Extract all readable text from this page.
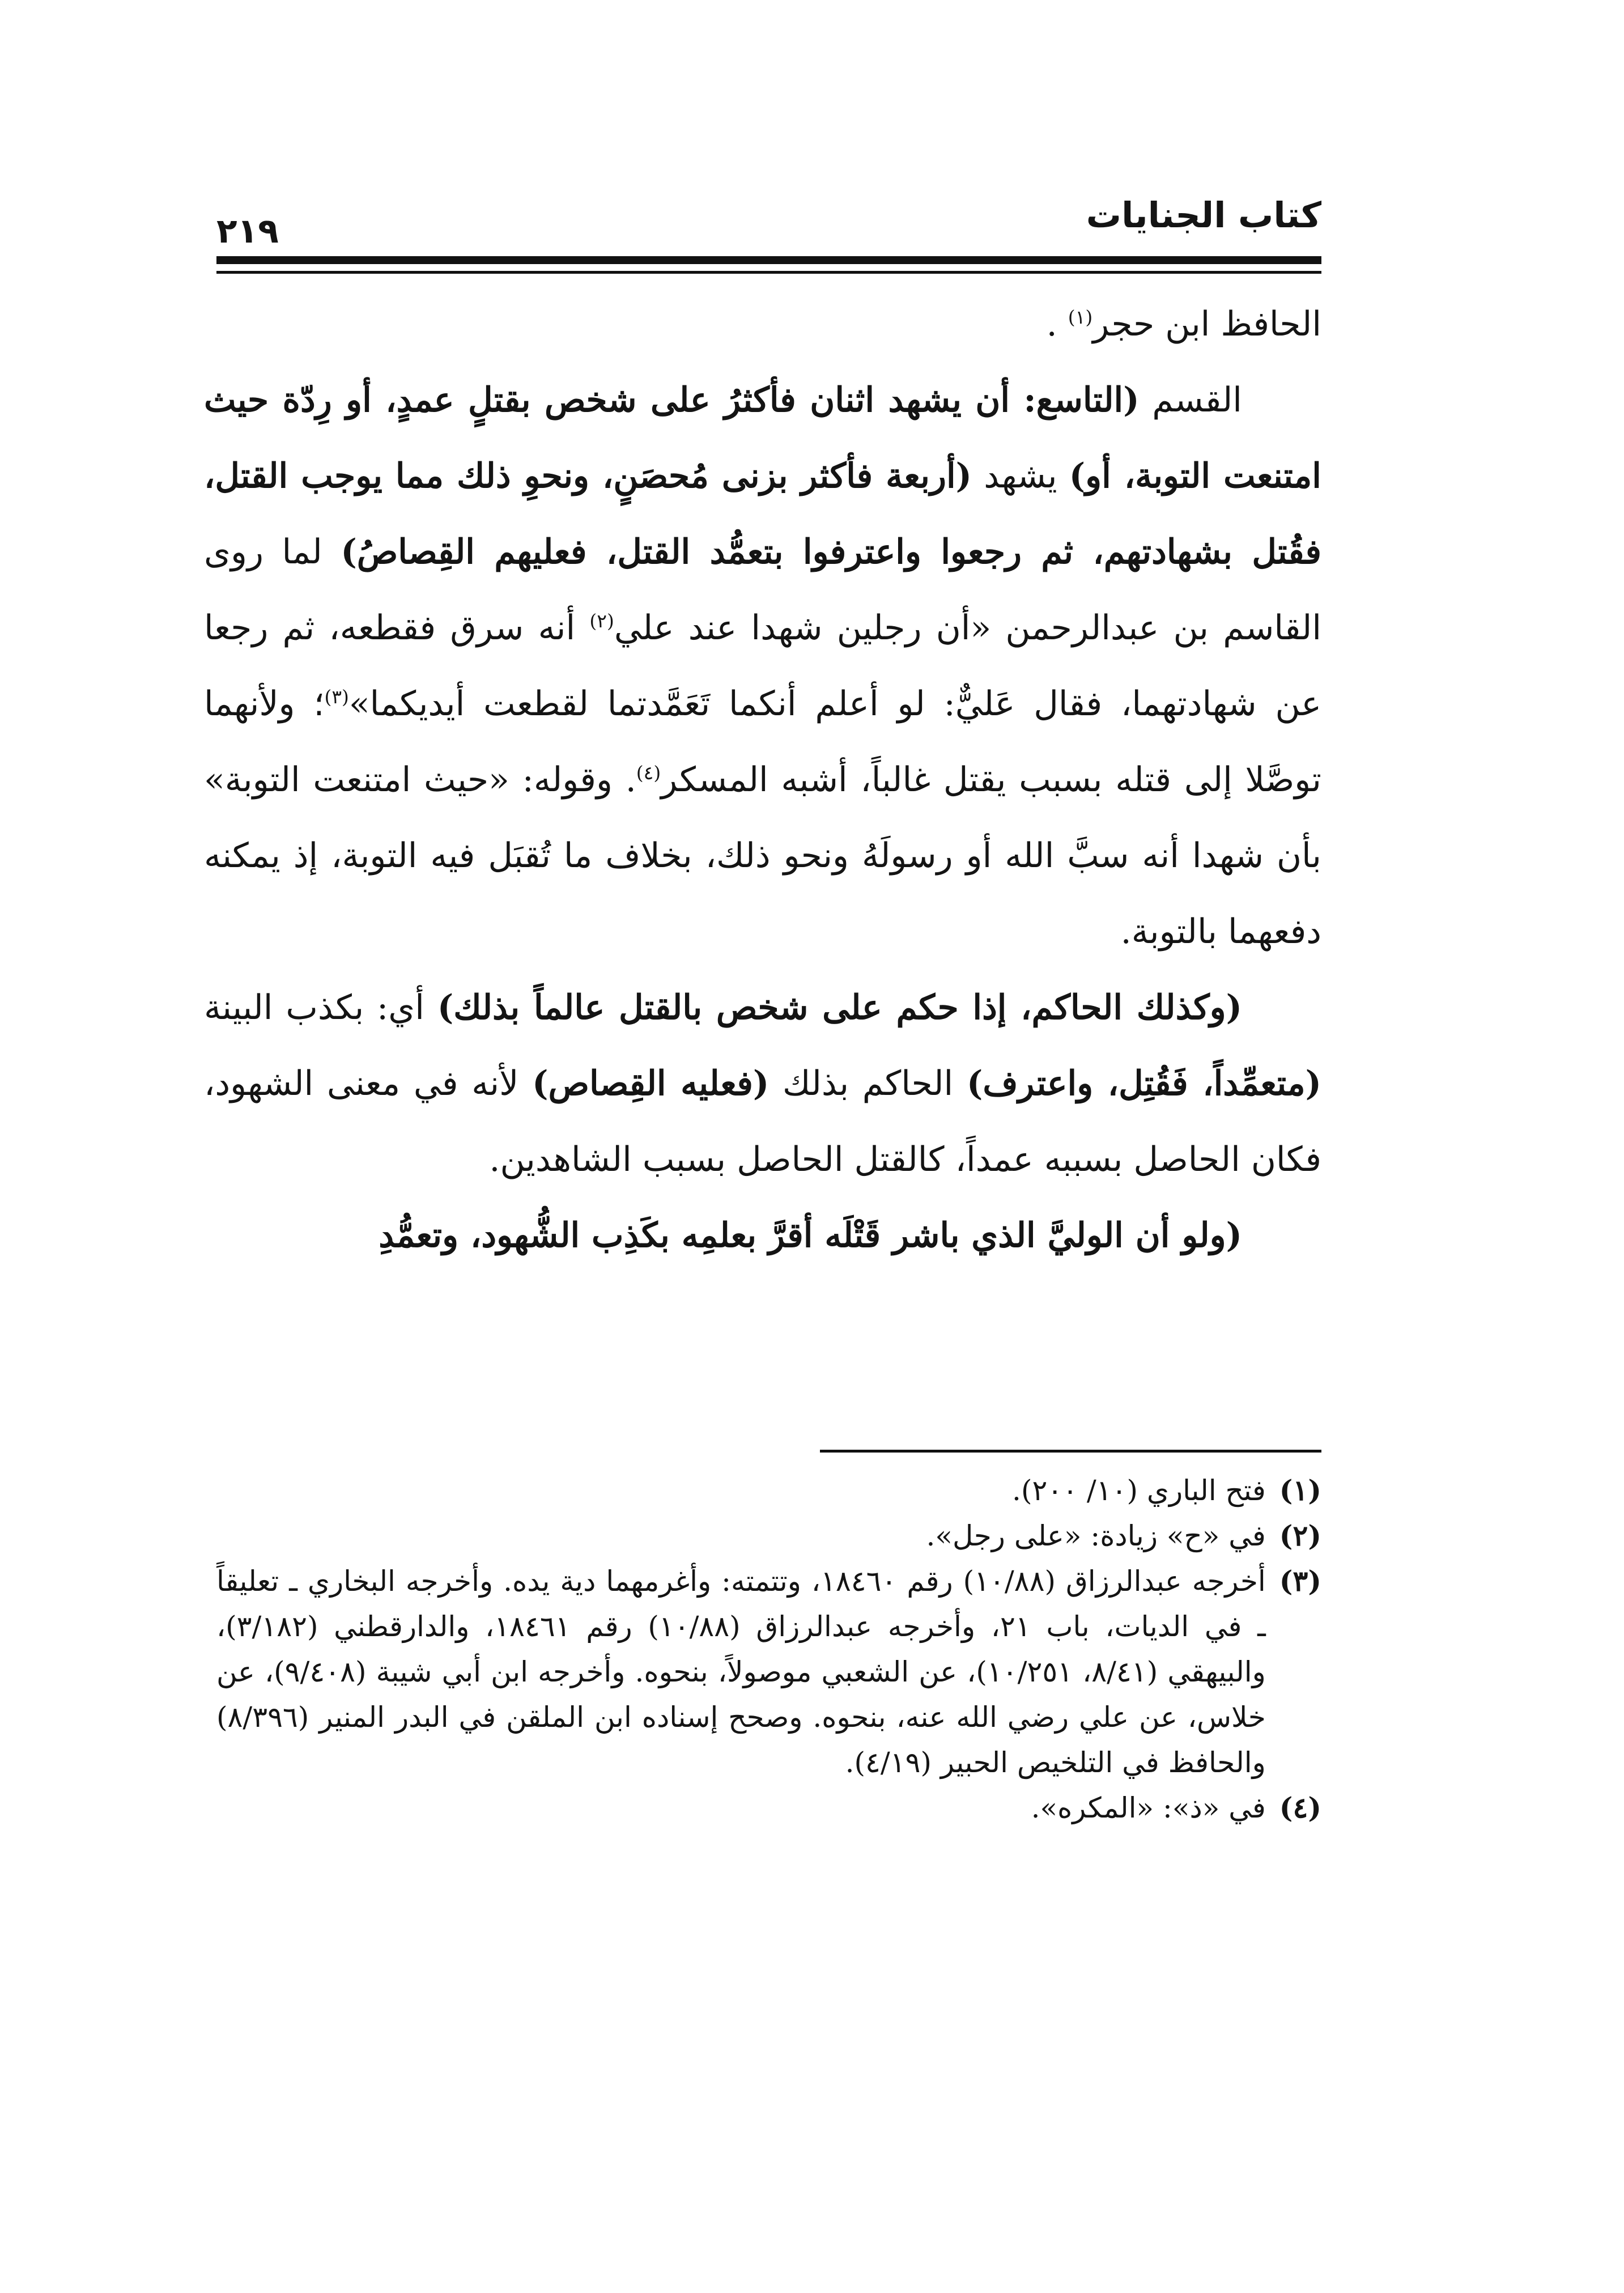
كتاب الجنايات
٢١٩

الحافظ ابن حجر$^{(١)}$ .

القسم (التاسع: أن يشهد اثنان فأكثرُ على شخص بقتلٍ عمدٍ، أو رِدّة حيث امتنعت التوبة، أو) يشهد (أربعة فأكثر بزنى مُحصَنٍ، ونحوِ ذلك مما يوجب القتل، فقُتل بشهادتهم، ثم رجعوا واعترفوا بتعمُّد القتل، فعليهم القِصاصُ) لما روى القاسم بن عبدالرحمن «أن رجلين شهدا عند علي$^{(٢)}$ أنه سرق فقطعه، ثم رجعا عن شهادتهما، فقال عَليٌّ: لو أعلم أنكما تَعَمَّدتما لقطعت أيديكما»$^{(٣)}$؛ ولأنهما توصَّلا إلى قتله بسبب يقتل غالباً، أشبه المسكر$^{(٤)}$. وقوله: «حيث امتنعت التوبة» بأن شهدا أنه سبَّ الله أو رسولَهُ ونحو ذلك، بخلاف ما تُقبَل فيه التوبة، إذ يمكنه دفعهما بالتوبة.

(وكذلك الحاكم، إذا حكم على شخص بالقتل عالماً بذلك) أي: بكذب البينة (متعمِّداً، فَقُتِل، واعترف) الحاكم بذلك (فعليه القِصاص) لأنه في معنى الشهود، فكان الحاصل بسببه عمداً، كالقتل الحاصل بسبب الشاهدين.

(ولو أن الوليَّ الذي باشر قَتْلَه أقرَّ بعلمِه بكَذِب الشُّهود، وتعمُّدِ

(١)
فتح الباري (١٠/ ٢٠٠).
(٢)
في «ح» زيادة: «على رجل».
(٣)
أخرجه عبدالرزاق (١٠/٨٨) رقم ١٨٤٦٠، وتتمته: وأغرمهما دية يده. وأخرجه البخاري ـ تعليقاً ـ في الديات، باب ٢١، وأخرجه عبدالرزاق (١٠/٨٨) رقم ١٨٤٦١، والدارقطني (٣/١٨٢)، والبيهقي (٨/٤١، ١٠/٢٥١)، عن الشعبي موصولاً، بنحوه. وأخرجه ابن أبي شيبة (٩/٤٠٨)، عن خلاس، عن علي رضي الله عنه، بنحوه. وصحح إسناده ابن الملقن في البدر المنير (٨/٣٩٦) والحافظ في التلخيص الحبير (٤/١٩).
(٤)
في «ذ»: «المكره».
